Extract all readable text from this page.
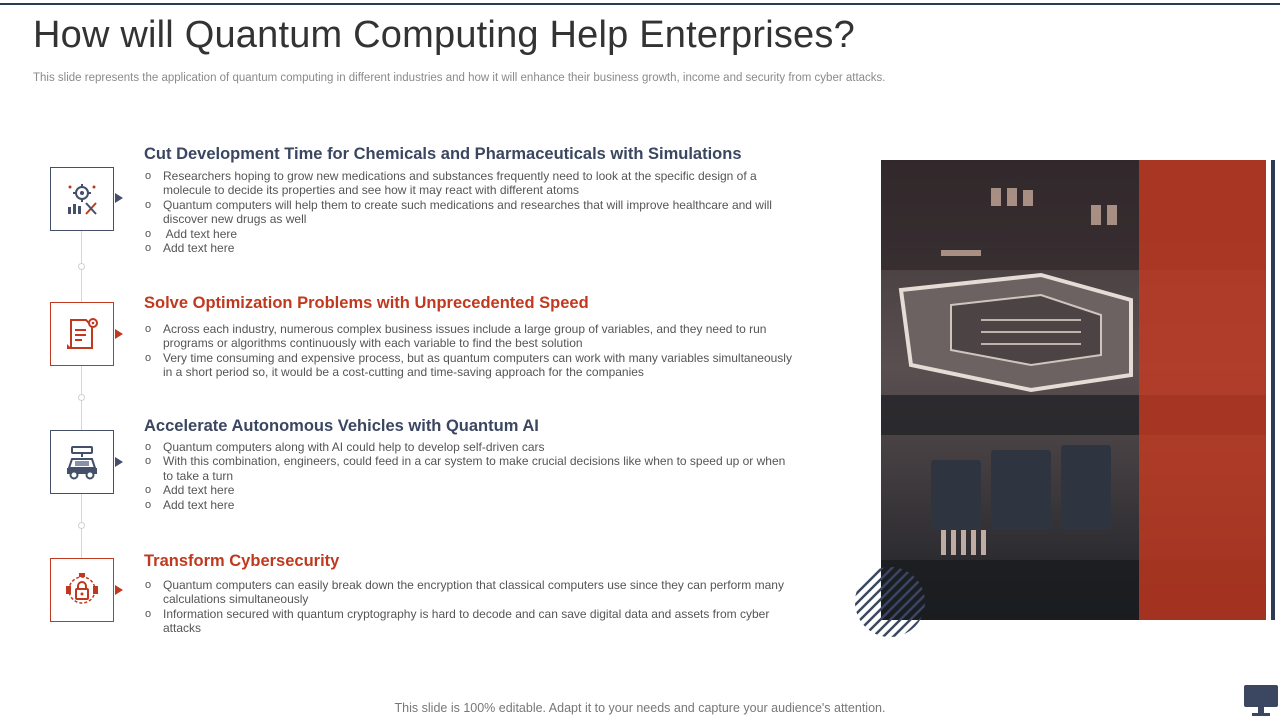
How will Quantum Computing Help Enterprises?

This slide represents the application of quantum computing in different industries and how it will enhance their business growth, income and security from cyber attacks.

Cut Development Time for Chemicals and Pharmaceuticals with Simulations
o Researchers hoping to grow new medications and substances frequently need to look at the specific design of a molecule to decide its properties and see how it may react with different atoms
o Quantum computers will help them to create such medications and researches that will improve healthcare and will discover new drugs as well
o  Add text here
o Add text here
Solve Optimization Problems with Unprecedented Speed
o Across each industry, numerous complex business issues include a large group of variables, and they need to run programs or algorithms continuously with each variable to find the best solution
o Very time consuming and expensive process, but as quantum computers can work with many variables simultaneously in a short period so, it would be a cost-cutting and time-saving approach for the companies
Accelerate Autonomous Vehicles with Quantum AI
o Quantum computers along with AI could help to develop self-driven cars
o With this combination, engineers, could feed in a car system to make crucial decisions like when to speed up or when to take a turn
o Add text here
o Add text here
Transform Cybersecurity
o Quantum computers can easily break down the encryption that classical computers use since they can perform many calculations simultaneously
o Information secured with quantum cryptography is hard to decode and can save digital data and assets from cyber attacks

This slide is 100% editable. Adapt it to your needs and capture your audience's attention.
